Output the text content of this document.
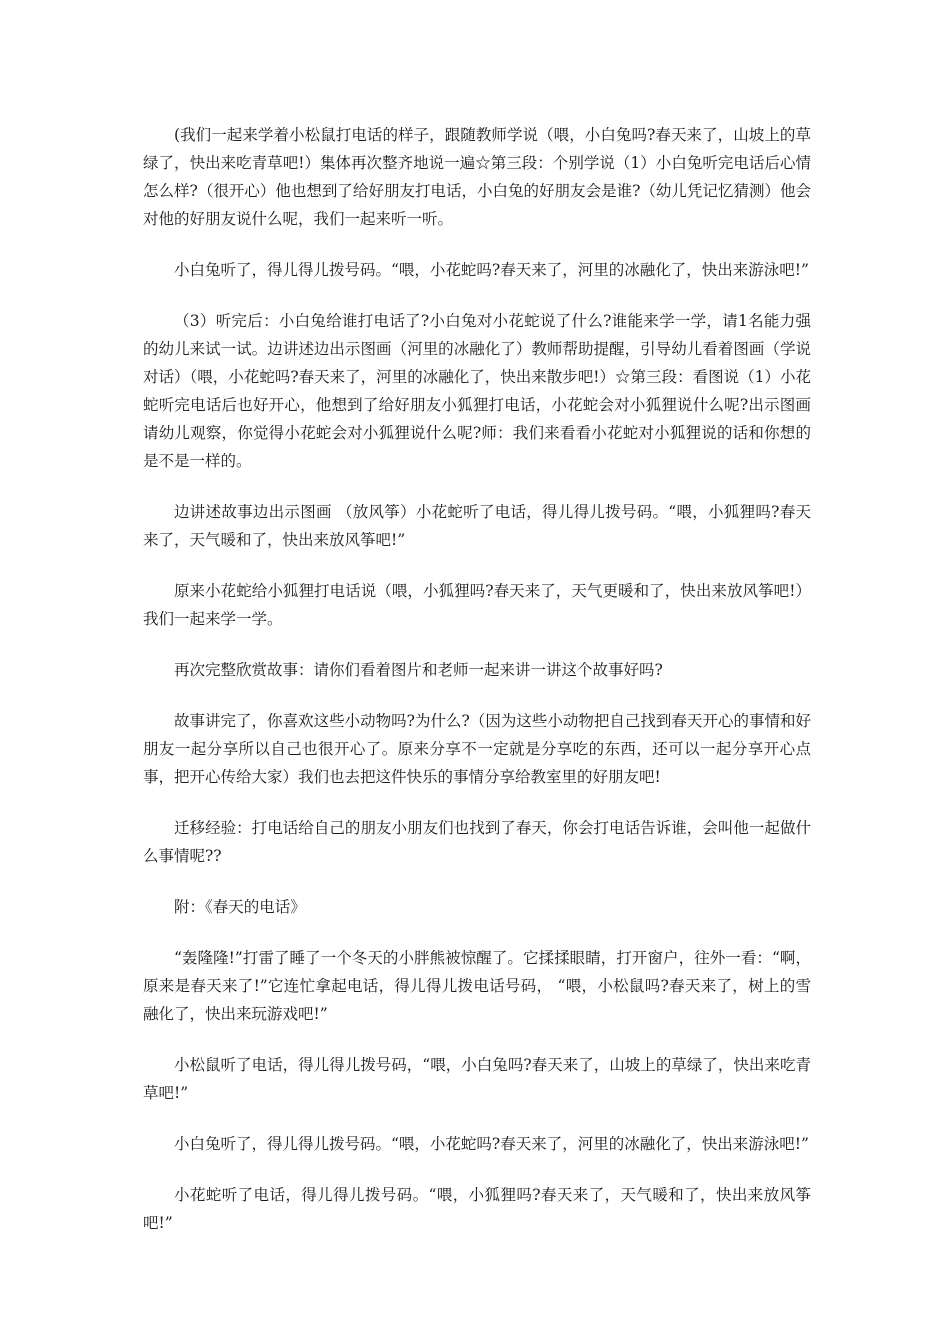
(我们一起来学着小松鼠打电话的样子，跟随教师学说（喂，小白兔吗?春天来了，山坡上的草绿了，快出来吃青草吧!）集体再次整齐地说一遍☆第三段：个别学说（1）小白兔听完电话后心情怎么样?（很开心）他也想到了给好朋友打电话，小白兔的好朋友会是谁?（幼儿凭记忆猜测）他会对他的好朋友说什么呢，我们一起来听一听。

小白兔听了，得儿得儿拨号码。“喂，小花蛇吗?春天来了，河里的冰融化了，快出来游泳吧!”

（3）听完后：小白兔给谁打电话了?小白兔对小花蛇说了什么?谁能来学一学，请1名能力强的幼儿来试一试。边讲述边出示图画（河里的冰融化了）教师帮助提醒，引导幼儿看着图画（学说对话）（喂，小花蛇吗?春天来了，河里的冰融化了，快出来散步吧!）☆第三段：看图说（1）小花蛇听完电话后也好开心，他想到了给好朋友小狐狸打电话，小花蛇会对小狐狸说什么呢?出示图画请幼儿观察，你觉得小花蛇会对小狐狸说什么呢?师：我们来看看小花蛇对小狐狸说的话和你想的是不是一样的。

边讲述故事边出示图画 （放风筝）小花蛇听了电话，得儿得儿拨号码。“喂，小狐狸吗?春天来了，天气暖和了，快出来放风筝吧!”

原来小花蛇给小狐狸打电话说（喂，小狐狸吗?春天来了，天气更暖和了，快出来放风筝吧!）我们一起来学一学。

再次完整欣赏故事：请你们看着图片和老师一起来讲一讲这个故事好吗?

故事讲完了，你喜欢这些小动物吗?为什么?（因为这些小动物把自己找到春天开心的事情和好朋友一起分享所以自己也很开心了。原来分享不一定就是分享吃的东西，还可以一起分享开心点 事，把开心传给大家）我们也去把这件快乐的事情分享给教室里的好朋友吧!

迁移经验：打电话给自己的朋友小朋友们也找到了春天，你会打电话告诉谁，会叫他一起做什么事情呢??

附：《春天的电话》

“轰隆隆!”打雷了睡了一个冬天的小胖熊被惊醒了。它揉揉眼睛，打开窗户，往外一看：“啊，原来是春天来了!”它连忙拿起电话，得儿得儿拨电话号码， “喂，小松鼠吗?春天来了，树上的雪融化了，快出来玩游戏吧!”

小松鼠听了电话，得儿得儿拨号码，“喂，小白兔吗?春天来了，山坡上的草绿了，快出来吃青草吧!”

小白兔听了，得儿得儿拨号码。“喂，小花蛇吗?春天来了，河里的冰融化了，快出来游泳吧!”

小花蛇听了电话，得儿得儿拨号码。“喂，小狐狸吗?春天来了，天气暖和了，快出来放风筝吧!”
